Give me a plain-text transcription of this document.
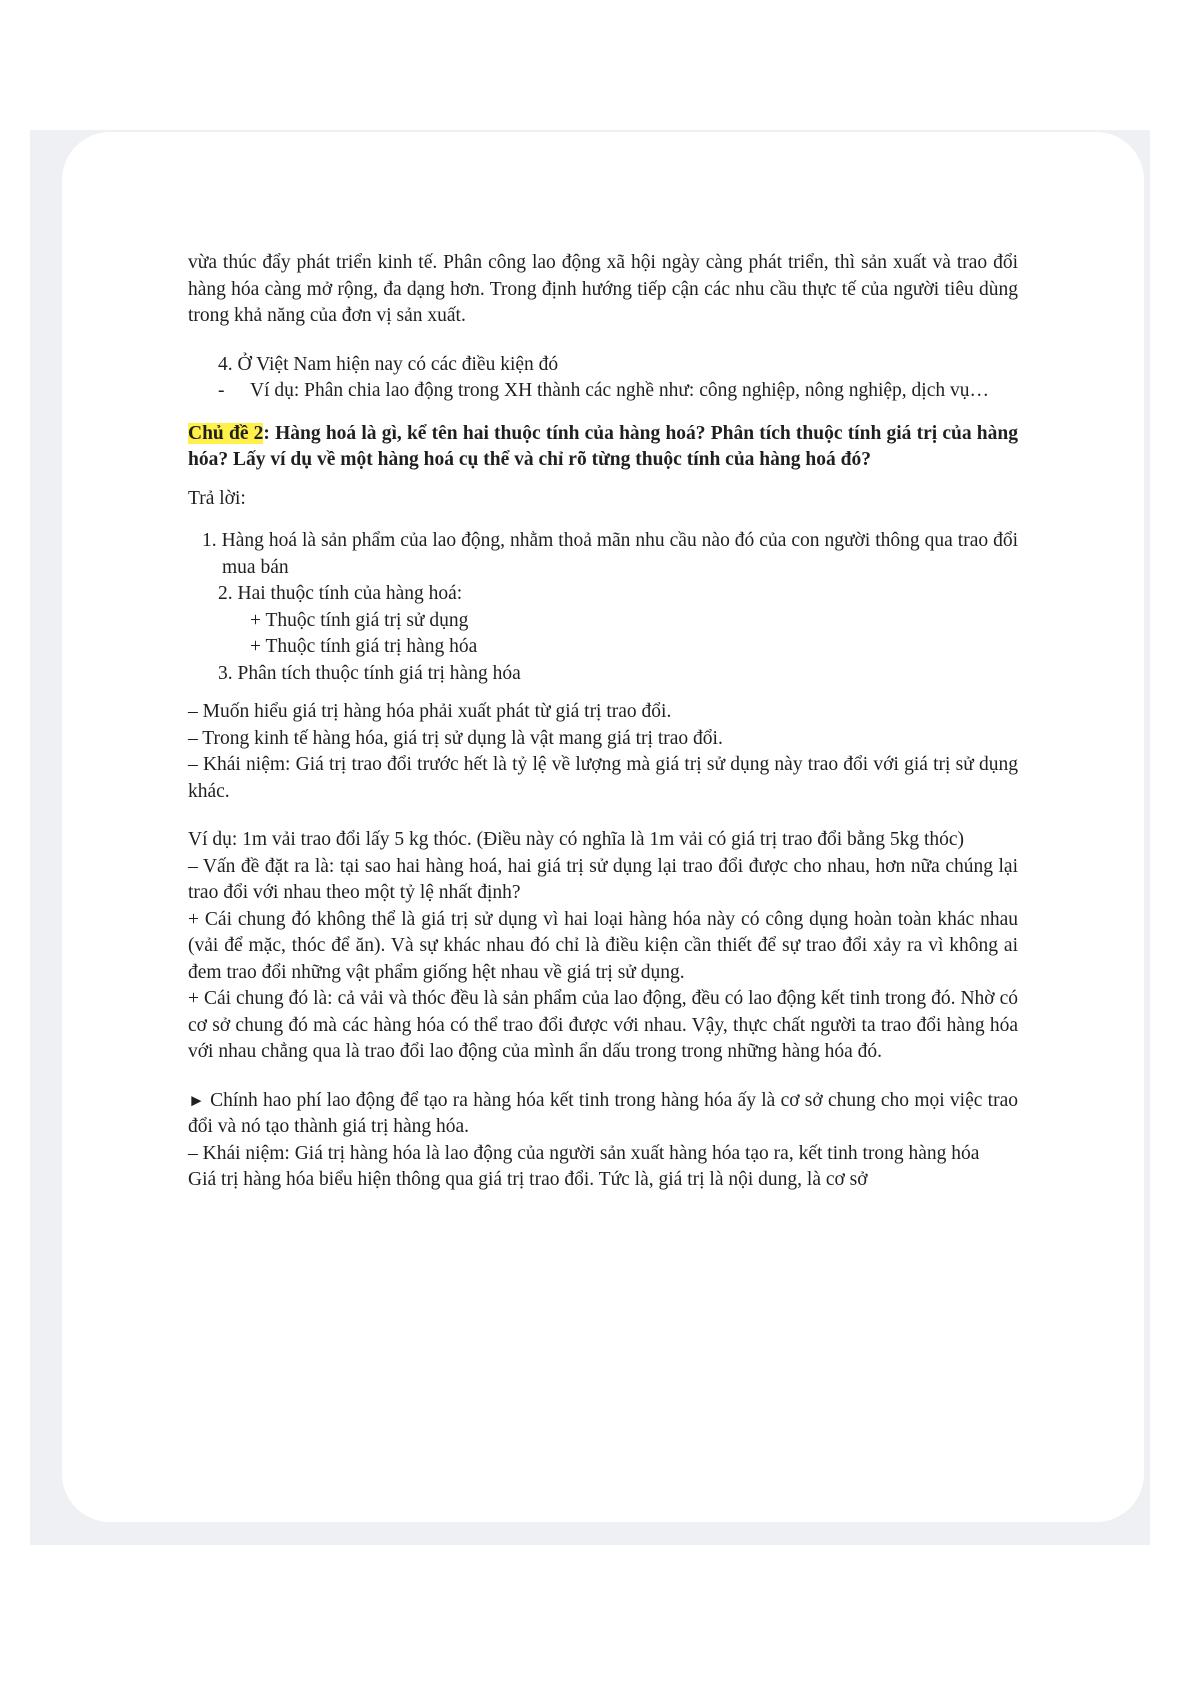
vừa thúc đẩy phát triển kinh tế. Phân công lao động xã hội ngày càng phát triển, thì sản xuất và trao đổi hàng hóa càng mở rộng, đa dạng hơn. Trong định hướng tiếp cận các nhu cầu thực tế của người tiêu dùng trong khả năng của đơn vị sản xuất.

4. Ở Việt Nam hiện nay có các điều kiện đó

-	Ví dụ: Phân chia lao động trong XH thành các nghề như: công nghiệp, nông nghiệp, dịch vụ…

Chủ đề 2: Hàng hoá là gì, kể tên hai thuộc tính của hàng hoá? Phân tích thuộc tính giá trị của hàng hóa? Lấy ví dụ về một hàng hoá cụ thể và chỉ rõ từng thuộc tính của hàng hoá đó?

Trả lời:

1. Hàng hoá là sản phẩm của lao động, nhằm thoả mãn nhu cầu nào đó của con người thông qua trao đổi mua bán

2. Hai thuộc tính của hàng hoá:

+ Thuộc tính giá trị sử dụng

+ Thuộc tính giá trị hàng hóa

3. Phân tích thuộc tính giá trị hàng hóa

– Muốn hiểu giá trị hàng hóa phải xuất phát từ giá trị trao đổi.

– Trong kinh tế hàng hóa, giá trị sử dụng là vật mang giá trị trao đổi.

– Khái niệm: Giá trị trao đổi trước hết là tỷ lệ về lượng mà giá trị sử dụng này trao đổi với giá trị sử dụng khác.

Ví dụ: 1m vải trao đổi lấy 5 kg thóc. (Điều này có nghĩa là 1m vải có giá trị trao đổi bằng 5kg thóc)

– Vấn đề đặt ra là: tại sao hai hàng hoá, hai giá trị sử dụng lại trao đổi được cho nhau, hơn nữa chúng lại trao đổi với nhau theo một tỷ lệ nhất định?

+ Cái chung đó không thể là giá trị sử dụng vì hai loại hàng hóa này có công dụng hoàn toàn khác nhau (vải để mặc, thóc để ăn). Và sự khác nhau đó chỉ là điều kiện cần thiết để sự trao đổi xảy ra vì không ai đem trao đổi những vật phẩm giống hệt nhau về giá trị sử dụng.

+ Cái chung đó là: cả vải và thóc đều là sản phẩm của lao động, đều có lao động kết tinh trong đó. Nhờ có cơ sở chung đó mà các hàng hóa có thể trao đổi được với nhau. Vậy, thực chất người ta trao đổi hàng hóa với nhau chẳng qua là trao đổi lao động của mình ẩn dấu trong trong những hàng hóa đó.

► Chính hao phí lao động để tạo ra hàng hóa kết tinh trong hàng hóa ấy là cơ sở chung cho mọi việc trao đổi và nó tạo thành giá trị hàng hóa.

– Khái niệm: Giá trị hàng hóa là lao động của người sản xuất hàng hóa tạo ra, kết tinh trong hàng hóa

Giá trị hàng hóa biểu hiện thông qua giá trị trao đổi. Tức là, giá trị là nội dung, là cơ sở
